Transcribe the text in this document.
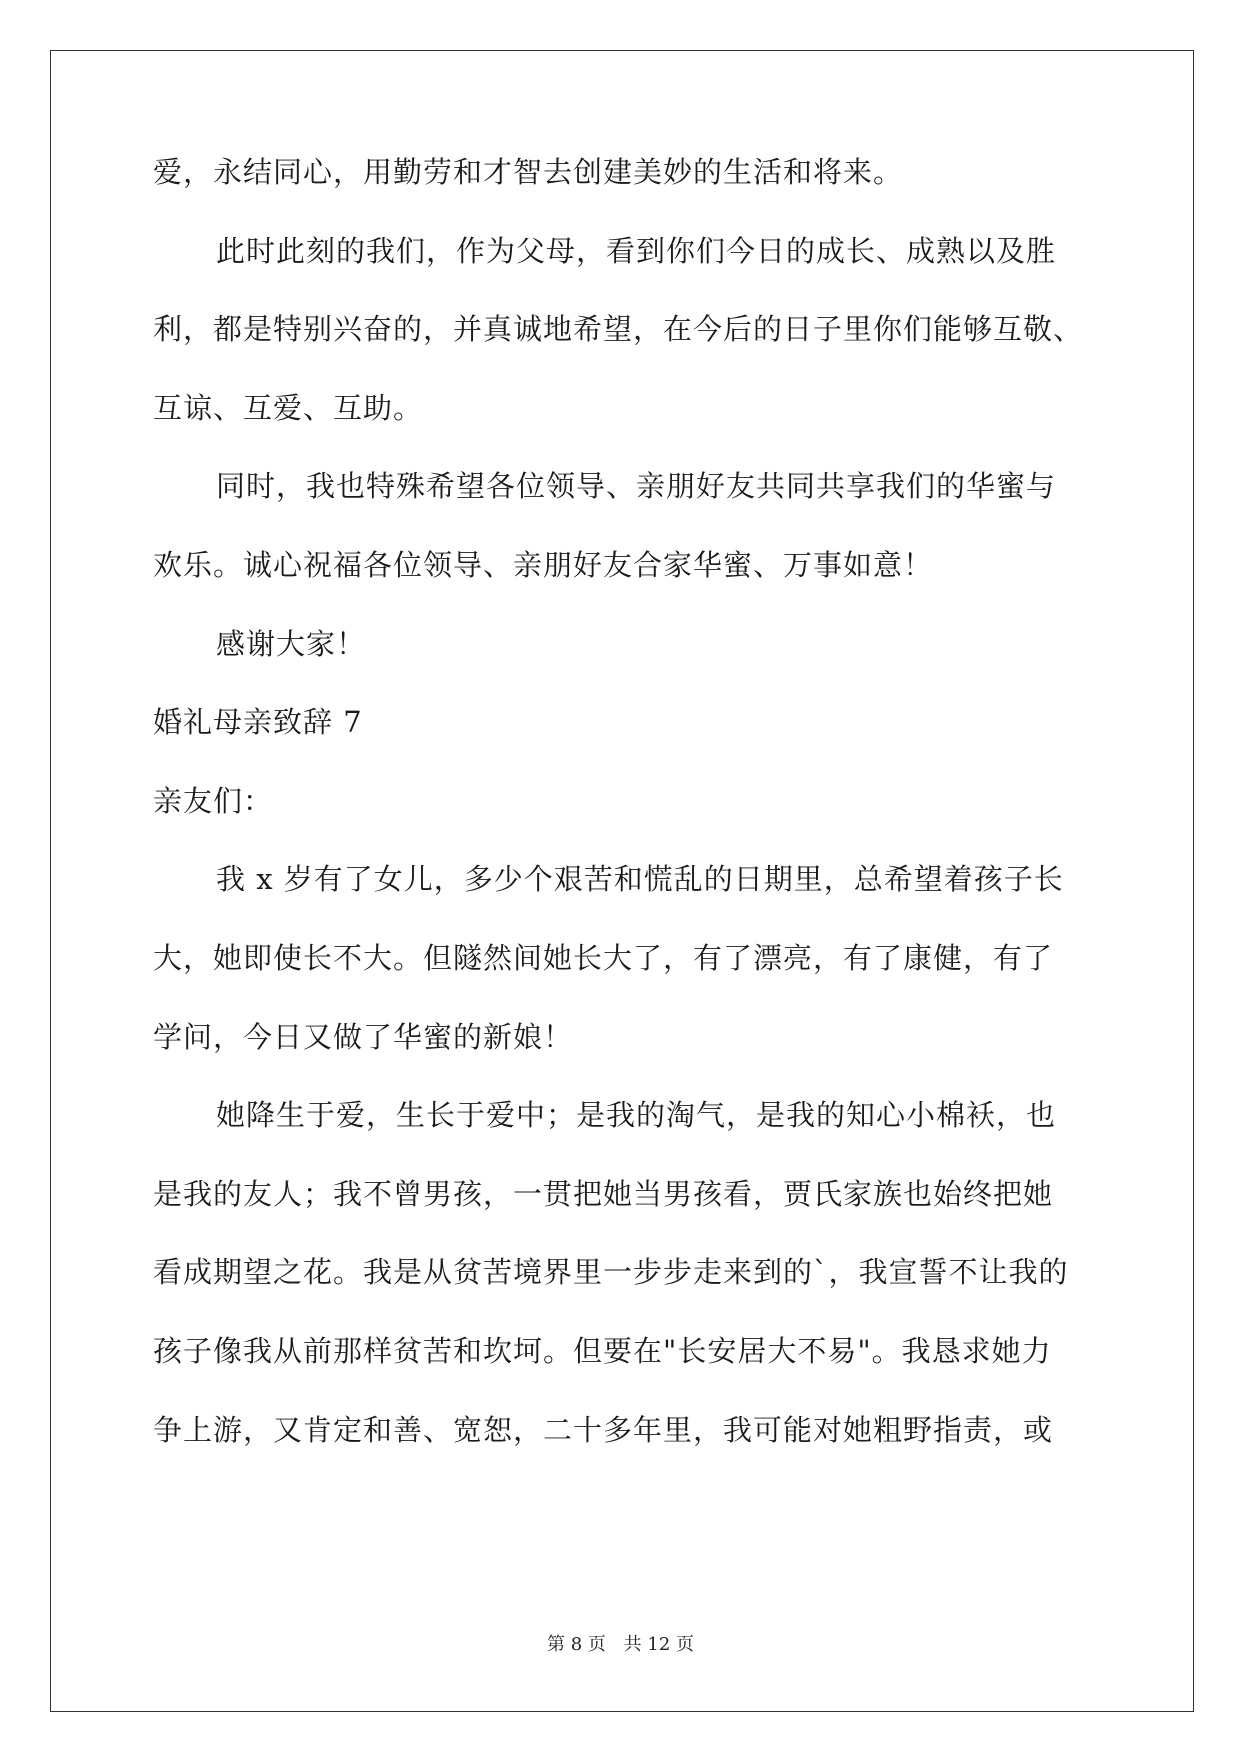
爱，永结同心，用勤劳和才智去创建美妙的生活和将来。
此时此刻的我们，作为父母，看到你们今日的成长、成熟以及胜
利，都是特别兴奋的，并真诚地希望，在今后的日子里你们能够互敬、
互谅、互爱、互助。
同时，我也特殊希望各位领导、亲朋好友共同共享我们的华蜜与
欢乐。诚心祝福各位领导、亲朋好友合家华蜜、万事如意！
感谢大家！
婚礼母亲致辞 7
亲友们：
我 x 岁有了女儿，多少个艰苦和慌乱的日期里，总希望着孩子长
大，她即使长不大。但隧然间她长大了，有了漂亮，有了康健，有了
学问，今日又做了华蜜的新娘！
她降生于爱，生长于爱中；是我的淘气，是我的知心小棉袄，也
是我的友人；我不曾男孩，一贯把她当男孩看，贾氏家族也始终把她
看成期望之花。我是从贫苦境界里一步步走来到的`，我宣誓不让我的
孩子像我从前那样贫苦和坎坷。但要在"长安居大不易"。我恳求她力
争上游，又肯定和善、宽恕，二十多年里，我可能对她粗野指责，或
第 8 页 共 12 页
